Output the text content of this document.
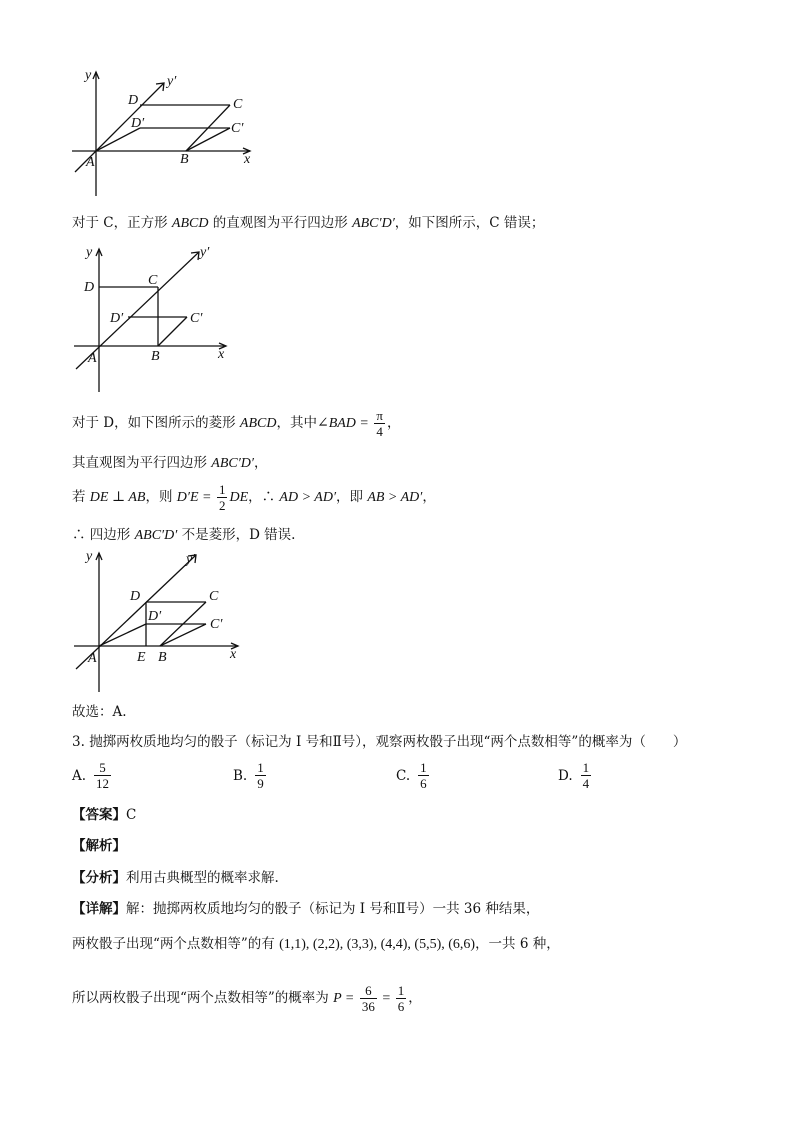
y	y′
x
A	B
C
C′
D
D′
对于 C，正方形 ABCD 的直观图为平行四边形 ABC′D′，如下图所示，C 错误；
y	y′
x
A	B
C
C′
D
D′
对于 D，如下图所示的菱形 ABCD，其中∠BAD = $\frac{\pi}{4}$ ，
其直观图为平行四边形 ABC′D′，
若 DE ⊥ AB，则 $D'E = \frac{1}{2}$ DE，∴ AD > AD′，即 AB > AD′，
∴ 四边形 ABC′D′ 不是菱形，D 错误.
y	y′
x
A	E B
C
C′
D
D′
故选：A.
3. 抛掷两枚质地均匀的骰子（标记为 I 号和Ⅱ号），观察两枚骰子出现“两个点数相等”的概率为（　　）
A. $\frac{5}{12}$	B. $\frac{1}{9}$	C. $\frac{1}{6}$	D. $\frac{1}{4}$
【答案】C
【解析】
【分析】利用古典概型的概率求解.
【详解】解：抛掷两枚质地均匀的骰子（标记为 I 号和Ⅱ号）一共 36 种结果，
两枚骰子出现“两个点数相等”的有 (1,1), (2,2), (3,3), (4,4), (5,5), (6,6)，一共 6 种，
所以两枚骰子出现“两个点数相等”的概率为 $P = \frac{6}{36} = \frac{1}{6}$ ，
